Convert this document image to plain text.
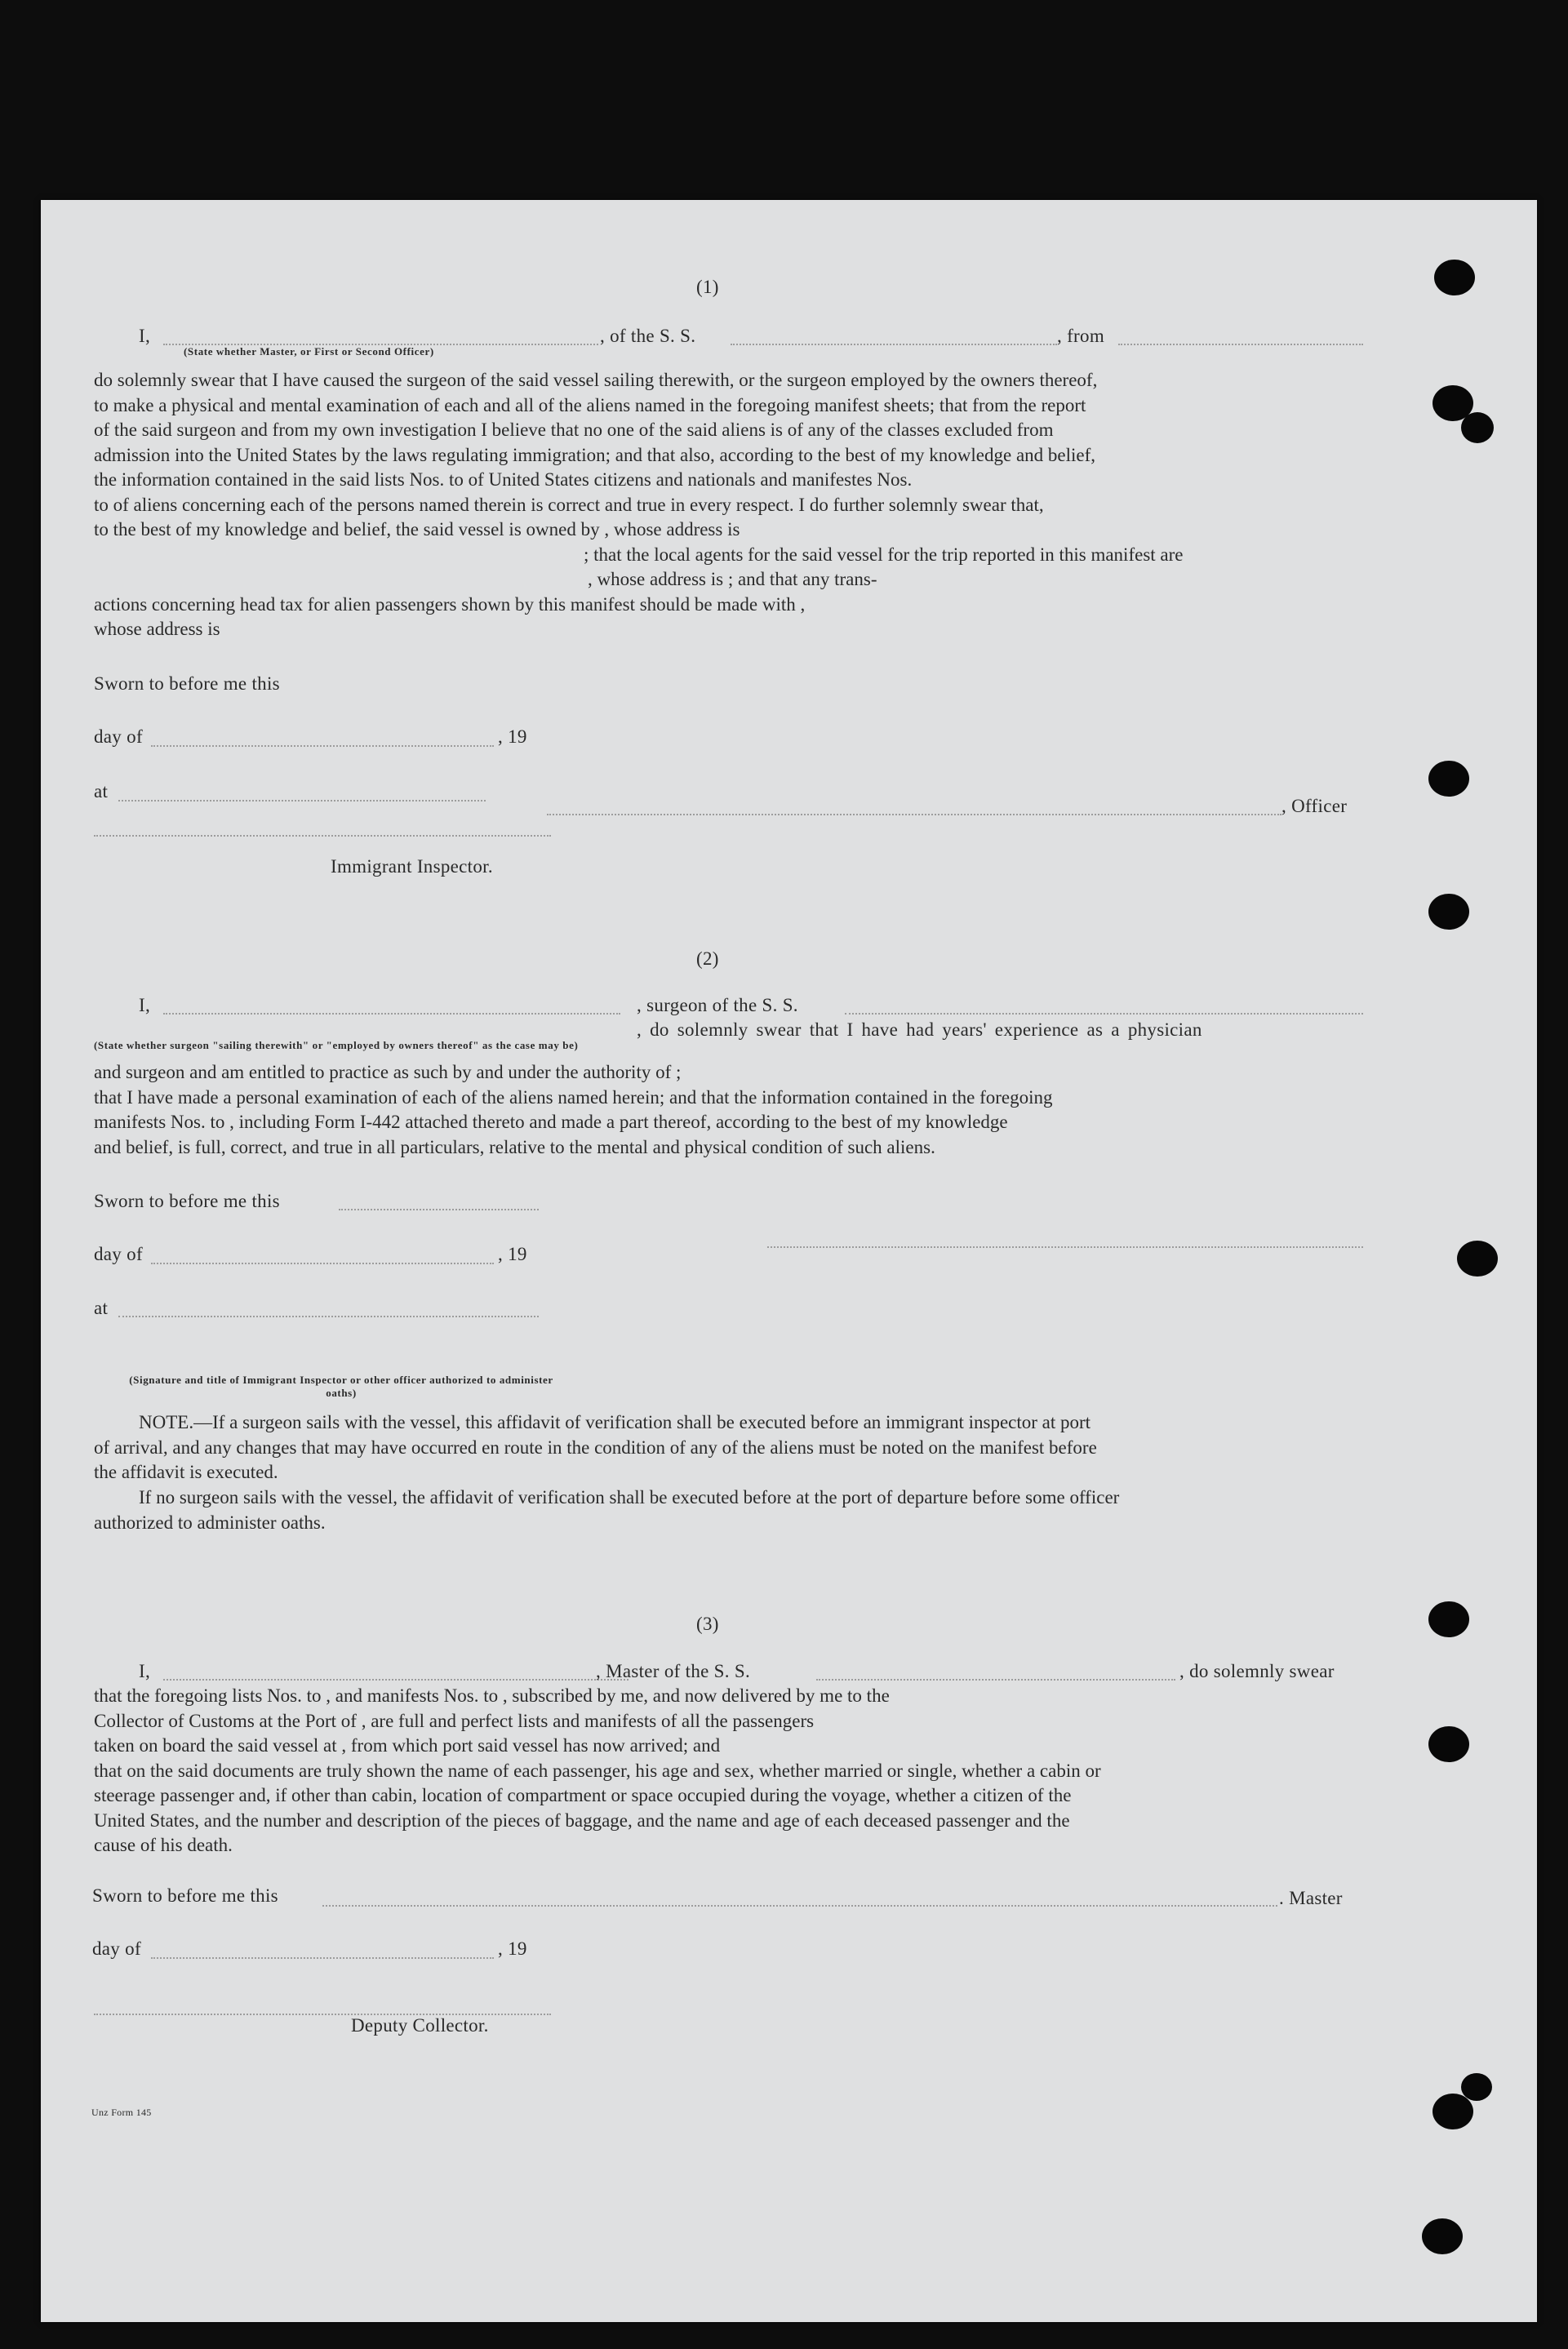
(1)
I,	, of the S. S.	, from
(State whether Master, or First or Second Officer)
do solemnly swear that I have caused the surgeon of the said vessel sailing therewith, or the surgeon employed by the owners thereof,
to make a physical and mental examination of each and all of the aliens named in the foregoing manifest sheets; that from the report
of the said surgeon and from my own investigation I believe that no one of the said aliens is of any of the classes excluded from
admission into the United States by the laws regulating immigration; and that also, according to the best of my knowledge and belief,
the information contained in the said lists Nos. to of United States citizens and nationals and manifestes Nos.
to of aliens concerning each of the persons named therein is correct and true in every respect. I do further solemnly swear that,
to the best of my knowledge and belief, the said vessel is owned by , whose address is
; that the local agents for the said vessel for the trip reported in this manifest are
, whose address is ; and that any trans-
actions concerning head tax for alien passengers shown by this manifest should be made with ,
whose address is
Sworn to before me this
day of	, 19
at
, Officer
Immigrant Inspector.
(2)
I,	, surgeon of the S. S.
, do solemnly swear that I have had years' experience as a physician
(State whether surgeon "sailing therewith" or "employed by owners thereof" as the case may be)
and surgeon and am entitled to practice as such by and under the authority of ;
that I have made a personal examination of each of the aliens named herein; and that the information contained in the foregoing
manifests Nos. to , including Form I-442 attached thereto and made a part thereof, according to the best of my knowledge
and belief, is full, correct, and true in all particulars, relative to the mental and physical condition of such aliens.
Sworn to before me this
day of	, 19
at
(Signature and title of Immigrant Inspector or other officer authorized to administer oaths)
NOTE.—If a surgeon sails with the vessel, this affidavit of verification shall be executed before an immigrant inspector at port
of arrival, and any changes that may have occurred en route in the condition of any of the aliens must be noted on the manifest before
the affidavit is executed.
If no surgeon sails with the vessel, the affidavit of verification shall be executed before at the port of departure before some officer
authorized to administer oaths.
(3)
I,	, Master of the S. S.	, do solemnly swear
that the foregoing lists Nos. to , and manifests Nos. to , subscribed by me, and now delivered by me to the
Collector of Customs at the Port of , are full and perfect lists and manifests of all the passengers
taken on board the said vessel at , from which port said vessel has now arrived; and
that on the said documents are truly shown the name of each passenger, his age and sex, whether married or single, whether a cabin or
steerage passenger and, if other than cabin, location of compartment or space occupied during the voyage, whether a citizen of the
United States, and the number and description of the pieces of baggage, and the name and age of each deceased passenger and the
cause of his death.
Sworn to before me this	. Master
day of	, 19
Deputy Collector.
Unz Form 145
